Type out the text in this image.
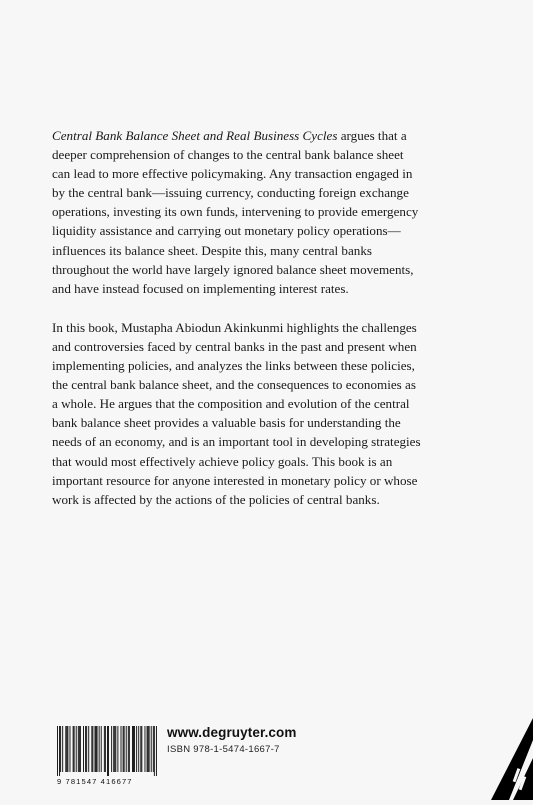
Central Bank Balance Sheet and Real Business Cycles argues that a deeper comprehension of changes to the central bank balance sheet can lead to more effective policymaking. Any transaction engaged in by the central bank—issuing currency, conducting foreign exchange operations, investing its own funds, intervening to provide emergency liquidity assistance and carrying out monetary policy operations—influences its balance sheet. Despite this, many central banks throughout the world have largely ignored balance sheet movements, and have instead focused on implementing interest rates.

In this book, Mustapha Abiodun Akinkunmi highlights the challenges and controversies faced by central banks in the past and present when implementing policies, and analyzes the links between these policies, the central bank balance sheet, and the consequences to economies as a whole. He argues that the composition and evolution of the central bank balance sheet provides a valuable basis for understanding the needs of an economy, and is an important tool in developing strategies that would most effectively achieve policy goals. This book is an important resource for anyone interested in monetary policy or whose work is affected by the actions of the policies of central banks.

9 781547 416677
www.degruyter.com
ISBN 978-1-5474-1667-7
